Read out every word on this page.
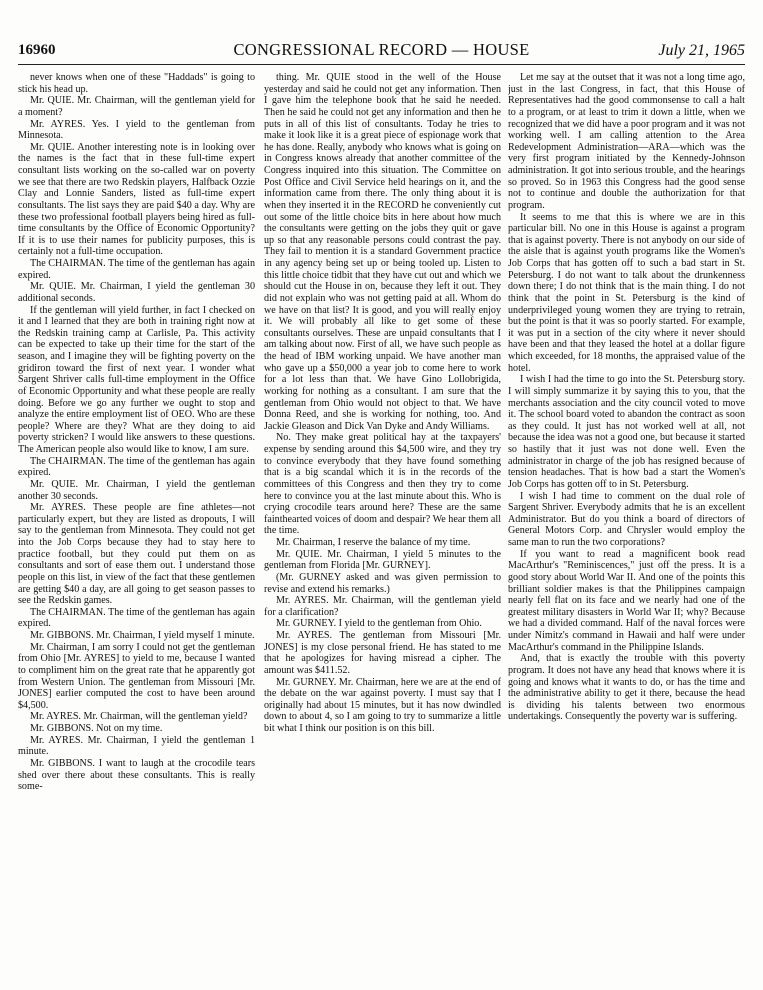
16960	CONGRESSIONAL RECORD — HOUSE	July 21, 1965

never knows when one of these "Haddads" is going to stick his head up.

Mr. QUIE. Mr. Chairman, will the gentleman yield for a moment?

Mr. AYRES. Yes. I yield to the gentleman from Minnesota.

Mr. QUIE. Another interesting note is in looking over the names is the fact that in these full-time expert consultant lists working on the so-called war on poverty we see that there are two Redskin players, Halfback Ozzie Clay and Lonnie Sanders, listed as full-time expert consultants. The list says they are paid $40 a day. Why are these two professional football players being hired as full-time consultants by the Office of Economic Opportunity? If it is to use their names for publicity purposes, this is certainly not a full-time occupation.

The CHAIRMAN. The time of the gentleman has again expired.

Mr. QUIE. Mr. Chairman, I yield the gentleman 30 additional seconds.

If the gentleman will yield further, in fact I checked on it and I learned that they are both in training right now at the Redskin training camp at Carlisle, Pa. This activity can be expected to take up their time for the start of the season, and I imagine they will be fighting poverty on the gridiron toward the first of next year. I wonder what Sargent Shriver calls full-time employment in the Office of Economic Opportunity and what these people are really doing. Before we go any further we ought to stop and analyze the entire employment list of OEO. Who are these people? Where are they? What are they doing to aid poverty stricken? I would like answers to these questions. The American people also would like to know, I am sure.

The CHAIRMAN. The time of the gentleman has again expired.

Mr. QUIE. Mr. Chairman, I yield the gentleman another 30 seconds.

Mr. AYRES. These people are fine athletes—not particularly expert, but they are listed as dropouts, I will say to the gentleman from Minnesota. They could not get into the Job Corps because they had to stay here to practice football, but they could put them on as consultants and sort of ease them out. I understand those people on this list, in view of the fact that these gentlemen are getting $40 a day, are all going to get season passes to see the Redskin games.

The CHAIRMAN. The time of the gentleman has again expired.

Mr. GIBBONS. Mr. Chairman, I yield myself 1 minute.

Mr. Chairman, I am sorry I could not get the gentleman from Ohio [Mr. AYRES] to yield to me, because I wanted to compliment him on the great rate that he apparently got from Western Union. The gentleman from Missouri [Mr. JONES] earlier computed the cost to have been around $4,500.

Mr. AYRES. Mr. Chairman, will the gentleman yield?

Mr. GIBBONS. Not on my time.

Mr. AYRES. Mr. Chairman, I yield the gentleman 1 minute.

Mr. GIBBONS. I want to laugh at the crocodile tears shed over there about these consultants. This is really some-

thing. Mr. QUIE stood in the well of the House yesterday and said he could not get any information. Then I gave him the telephone book that he said he needed. Then he said he could not get any information and then he puts in all of this list of consultants. Today he tries to make it look like it is a great piece of espionage work that he has done. Really, anybody who knows what is going on in Congress knows already that another committee of the Congress inquired into this situation. The Committee on Post Office and Civil Service held hearings on it, and the information came from there. The only thing about it is when they inserted it in the RECORD he conveniently cut out some of the little choice bits in here about how much the consultants were getting on the jobs they quit or gave up so that any reasonable persons could contrast the pay. They fail to mention it is a standard Government practice in any agency being set up or being tooled up. Listen to this little choice tidbit that they have cut out and which we should cut the House in on, because they left it out. They did not explain who was not getting paid at all. Whom do we have on that list? It is good, and you will really enjoy it. We will probably all like to get some of these consultants ourselves. These are unpaid consultants that I am talking about now. First of all, we have such people as the head of IBM working unpaid. We have another man who gave up a $50,000 a year job to come here to work for a lot less than that. We have Gino Lollobrigida, working for nothing as a consultant. I am sure that the gentleman from Ohio would not object to that. We have Donna Reed, and she is working for nothing, too. And Jackie Gleason and Dick Van Dyke and Andy Williams.

No. They make great political hay at the taxpayers' expense by sending around this $4,500 wire, and they try to convince everybody that they have found something that is a big scandal which it is in the records of the committees of this Congress and then they try to come here to convince you at the last minute about this. Who is crying crocodile tears around here? These are the same fainthearted voices of doom and despair? We hear them all the time.

Mr. Chairman, I reserve the balance of my time.

Mr. QUIE. Mr. Chairman, I yield 5 minutes to the gentleman from Florida [Mr. GURNEY].

(Mr. GURNEY asked and was given permission to revise and extend his remarks.)

Mr. AYRES. Mr. Chairman, will the gentleman yield for a clarification?

Mr. GURNEY. I yield to the gentleman from Ohio.

Mr. AYRES. The gentleman from Missouri [Mr. JONES] is my close personal friend. He has stated to me that he apologizes for having misread a cipher. The amount was $411.52.

Mr. GURNEY. Mr. Chairman, here we are at the end of the debate on the war against poverty. I must say that I originally had about 15 minutes, but it has now dwindled down to about 4, so I am going to try to summarize a little bit what I think our position is on this bill.

Let me say at the outset that it was not a long time ago, just in the last Congress, in fact, that this House of Representatives had the good commonsense to call a halt to a program, or at least to trim it down a little, when we recognized that we did have a poor program and it was not working well. I am calling attention to the Area Redevelopment Administration—ARA—which was the very first program initiated by the Kennedy-Johnson administration. It got into serious trouble, and the hearings so proved. So in 1963 this Congress had the good sense not to continue and double the authorization for that program.

It seems to me that this is where we are in this particular bill. No one in this House is against a program that is against poverty. There is not anybody on our side of the aisle that is against youth programs like the Women's Job Corps that has gotten off to such a bad start in St. Petersburg. I do not want to talk about the drunkenness down there; I do not think that is the main thing. I do not think that the point in St. Petersburg is the kind of underprivileged young women they are trying to retrain, but the point is that it was so poorly started. For example, it was put in a section of the city where it never should have been and that they leased the hotel at a dollar figure which exceeded, for 18 months, the appraised value of the hotel.

I wish I had the time to go into the St. Petersburg story. I will simply summarize it by saying this to you, that the merchants association and the city council voted to move it. The school board voted to abandon the contract as soon as they could. It just has not worked well at all, not because the idea was not a good one, but because it started so hastily that it just was not done well. Even the administrator in charge of the job has resigned because of tension headaches. That is how bad a start the Women's Job Corps has gotten off to in St. Petersburg.

I wish I had time to comment on the dual role of Sargent Shriver. Everybody admits that he is an excellent Administrator. But do you think a board of directors of General Motors Corp. and Chrysler would employ the same man to run the two corporations?

If you want to read a magnificent book read MacArthur's "Reminiscences," just off the press. It is a good story about World War II. And one of the points this brilliant soldier makes is that the Philippines campaign nearly fell flat on its face and we nearly had one of the greatest military disasters in World War II; why? Because we had a divided command. Half of the naval forces were under Nimitz's command in Hawaii and half were under MacArthur's command in the Philippine Islands.

And, that is exactly the trouble with this poverty program. It does not have any head that knows where it is going and knows what it wants to do, or has the time and the administrative ability to get it there, because the head is dividing his talents between two enormous undertakings. Consequently the poverty war is suffering.
